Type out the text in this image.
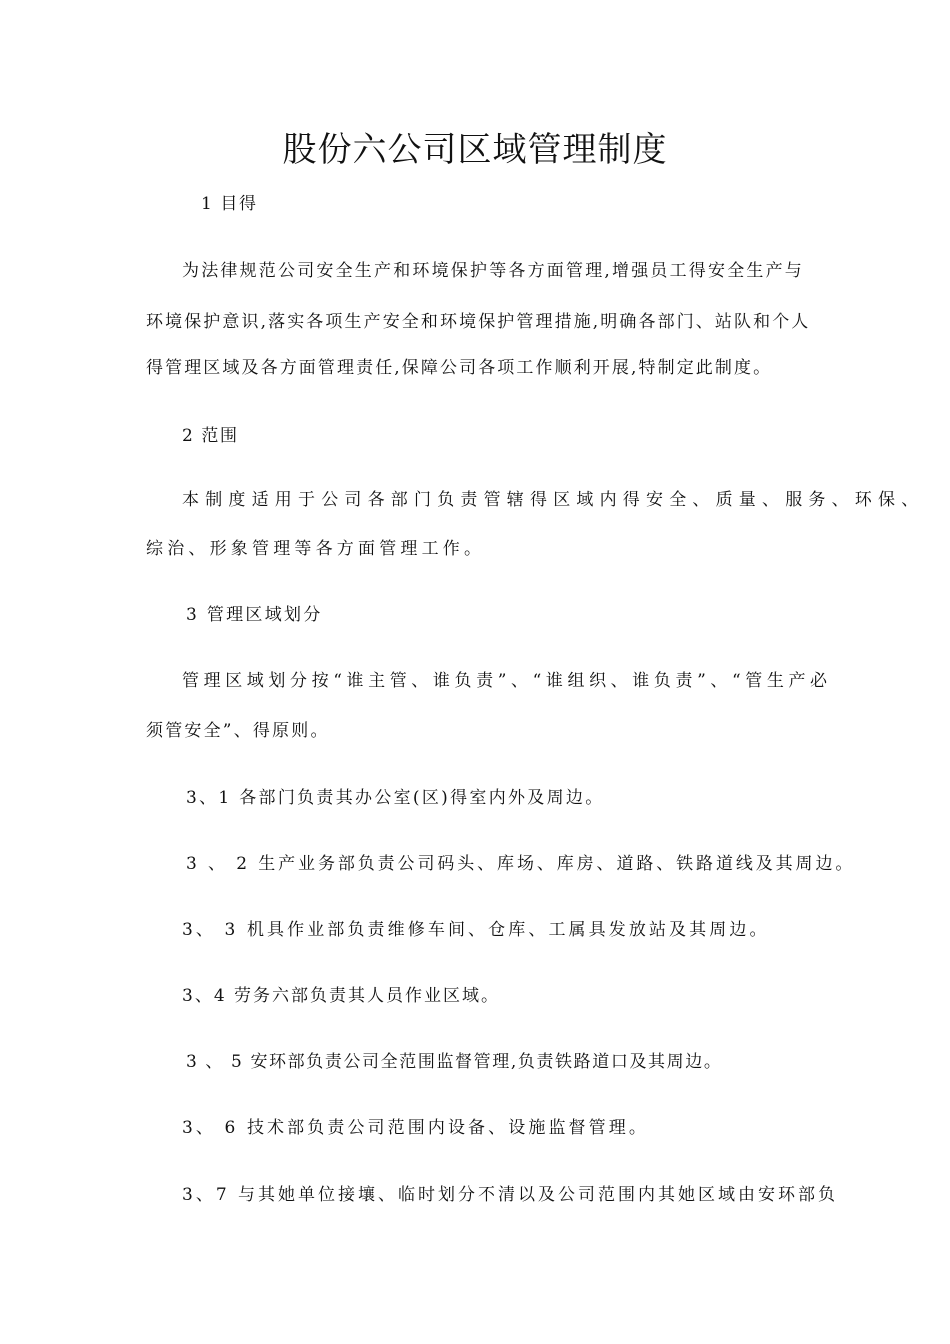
股份六公司区域管理制度

1 目得

为法律规范公司安全生产和环境保护等各方面管理,增强员工得安全生产与

环境保护意识,落实各项生产安全和环境保护管理措施,明确各部门、站队和个人

得管理区域及各方面管理责任,保障公司各项工作顺利开展,特制定此制度。

2 范围

本制度适用于公司各部门负责管辖得区域内得安全、质量、服务、环保、

综治、形象管理等各方面管理工作。

3 管理区域划分

管理区域划分按“谁主管、谁负责”、“谁组织、谁负责”、“管生产必

须管安全”、得原则。

3、1 各部门负责其办公室(区)得室内外及周边。

3 、 2 生产业务部负责公司码头、库场、库房、道路、铁路道线及其周边。

3、 3 机具作业部负责维修车间、仓库、工属具发放站及其周边。

3、4 劳务六部负责其人员作业区域。

3 、 5 安环部负责公司全范围监督管理,负责铁路道口及其周边。

3、 6 技术部负责公司范围内设备、设施监督管理。

3、7 与其她单位接壤、临时划分不清以及公司范围内其她区域由安环部负
